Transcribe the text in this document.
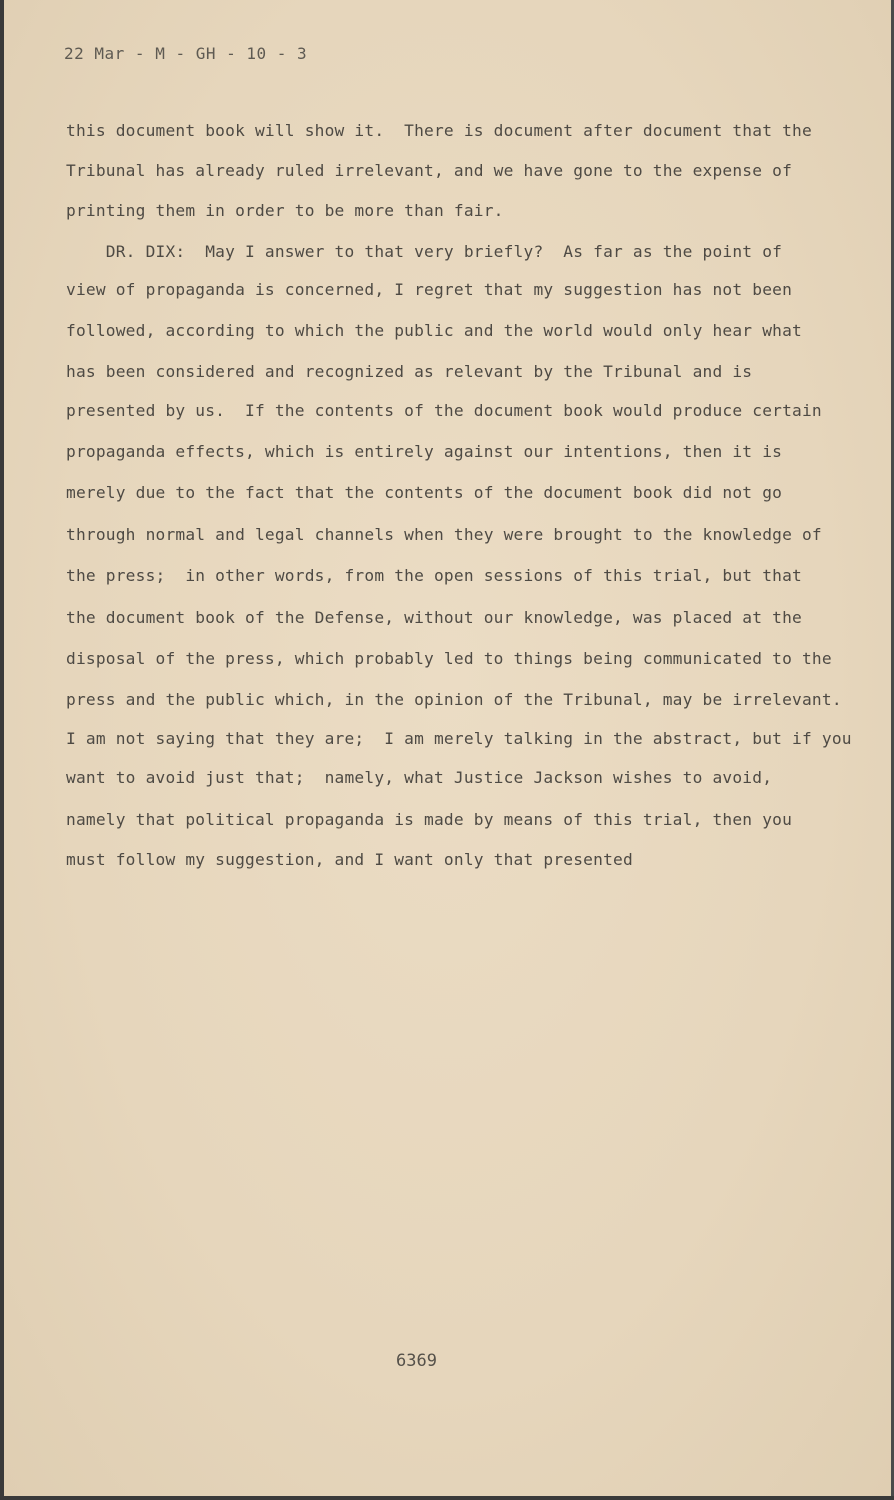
22 Mar - M - GH - 10 - 3
this document book will show it.  There is document after document that the
Tribunal has already ruled irrelevant, and we have gone to the expense of
printing them in order to be more than fair.
DR. DIX:  May I answer to that very briefly?  As far as the point of
view of propaganda is concerned, I regret that my suggestion has not been
followed, according to which the public and the world would only hear what
has been considered and recognized as relevant by the Tribunal and is
presented by us.  If the contents of the document book would produce certain
propaganda effects, which is entirely against our intentions, then it is
merely due to the fact that the contents of the document book did not go
through normal and legal channels when they were brought to the knowledge of
the press;  in other words, from the open sessions of this trial, but that
the document book of the Defense, without our knowledge, was placed at the
disposal of the press, which probably led to things being communicated to the
press and the public which, in the opinion of the Tribunal, may be irrelevant.
I am not saying that they are;  I am merely talking in the abstract, but if you
want to avoid just that;  namely, what Justice Jackson wishes to avoid,
namely that political propaganda is made by means of this trial, then you
must follow my suggestion, and I want only that presented
6369
